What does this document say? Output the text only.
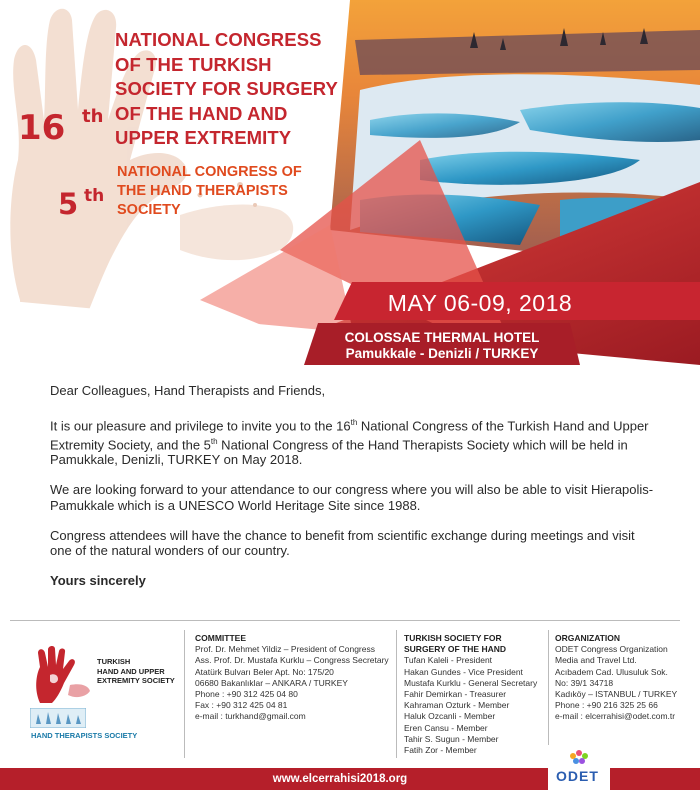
NATIONAL CONGRESS OF THE TURKISH SOCIETY FOR SURGERY OF THE HAND AND UPPER EXTREMITY
16 th
NATIONAL CONGRESS OF THE HAND THERAPISTS SOCIETY
5 th
MAY 06-09, 2018
COLOSSAE THERMAL HOTEL
Pamukkale - Denizli / TURKEY

Dear Colleagues, Hand Therapists and Friends,

It is our pleasure and privilege to invite you to the 16th National Congress of the Turkish Hand and Upper Extremity Society, and the 5th National Congress of the Hand Therapists Society which will be held in Pamukkale, Denizli, TURKEY on May 2018.

We are looking forward to your attendance to our congress where you will also be able to visit Hierapolis-Pamukkale which is a UNESCO World Heritage Site since 1988.

Congress attendees will have the chance to benefit from scientific exchange during meetings and visit one of the natural wonders of our country.

Yours sincerely

TURKISH
HAND AND UPPER
EXTREMITY SOCIETY
HAND THERAPISTS SOCIETY
COMMITTEE
Prof. Dr. Mehmet Yildiz – President of Congress
Ass. Prof. Dr. Mustafa Kurklu – Congress Secretary
Atatürk Bulvarı Beler Apt. No: 175/20
06680 Bakanlıklar – ANKARA / TURKEY
Phone : +90 312 425 04 80
Fax : +90 312 425 04 81
e-mail : turkhand@gmail.com
TURKISH SOCIETY FOR
SURGERY OF THE HAND
Tufan Kaleli - President
Hakan Gundes - Vice President
Mustafa Kurklu - General Secretary
Fahir Demirkan - Treasurer
Kahraman Ozturk - Member
Haluk Ozcanli - Member
Eren Cansu - Member
Tahir S. Sugun - Member
Fatih Zor - Member
ORGANIZATION
ODET Congress Organization
Media and Travel Ltd.
Acıbadem Cad. Ulusuluk Sok.
No: 39/1 34718
Kadıköy – ISTANBUL / TURKEY
Phone : +90 216 325 25 66
e-mail : elcerrahisi@odet.com.tr
www.elcerrahisi2018.org	ODET
